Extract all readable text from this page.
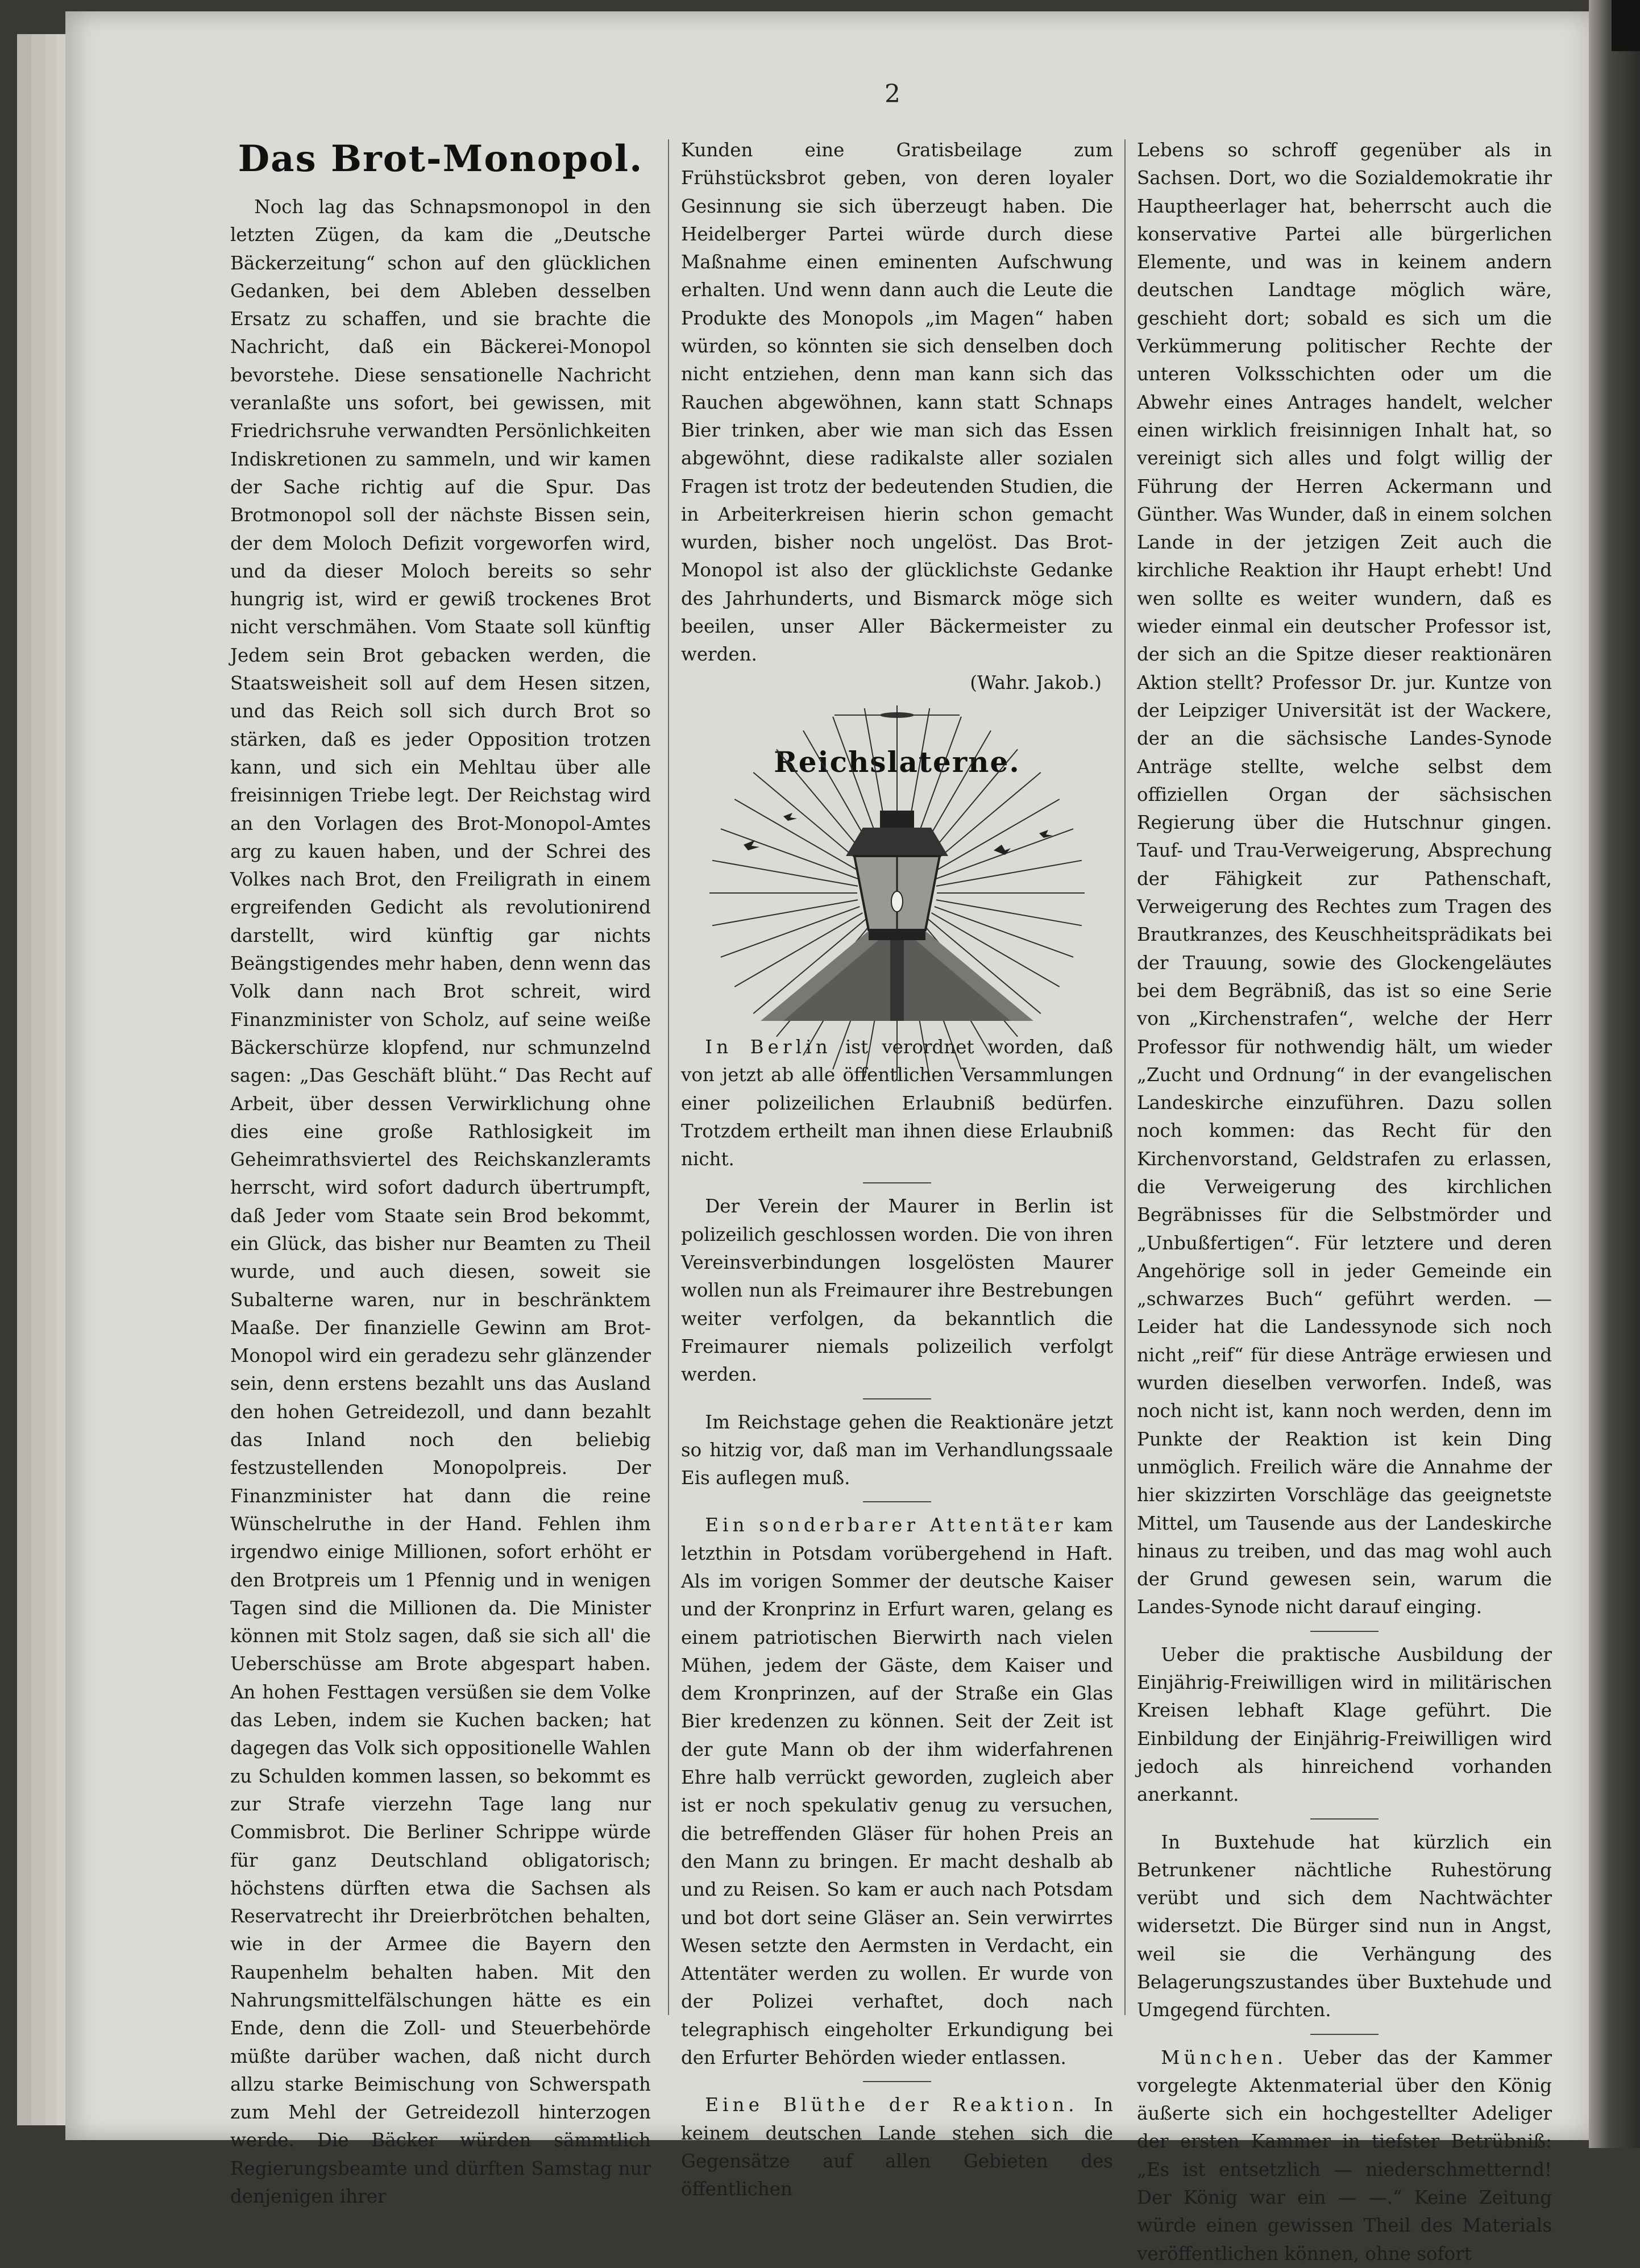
2
Das Brot-Monopol.

Noch lag das Schnapsmonopol in den letzten Zügen, da kam die „Deutsche Bäckerzeitung“ schon auf den glücklichen Gedanken, bei dem Ableben desselben Ersatz zu schaffen, und sie brachte die Nachricht, daß ein Bäckerei-Monopol bevorstehe. Diese sensationelle Nachricht veranlaßte uns sofort, bei gewissen, mit Friedrichsruhe verwandten Persönlichkeiten Indiskretionen zu sammeln, und wir kamen der Sache richtig auf die Spur. Das Brotmonopol soll der nächste Bissen sein, der dem Moloch Defizit vorgeworfen wird, und da dieser Moloch bereits so sehr hungrig ist, wird er gewiß trockenes Brot nicht verschmähen. Vom Staate soll künftig Jedem sein Brot gebacken werden, die Staatsweisheit soll auf dem Hesen sitzen, und das Reich soll sich durch Brot so stärken, daß es jeder Opposition trotzen kann, und sich ein Mehltau über alle freisinnigen Triebe legt. Der Reichstag wird an den Vorlagen des Brot-Monopol-Amtes arg zu kauen haben, und der Schrei des Volkes nach Brot, den Freiligrath in einem ergreifenden Gedicht als revolutionirend darstellt, wird künftig gar nichts Beängstigendes mehr haben, denn wenn das Volk dann nach Brot schreit, wird Finanzminister von Scholz, auf seine weiße Bäckerschürze klopfend, nur schmunzelnd sagen: „Das Geschäft blüht.“ Das Recht auf Arbeit, über dessen Verwirklichung ohne dies eine große Rathlosigkeit im Geheimrathsviertel des Reichskanzleramts herrscht, wird sofort dadurch übertrumpft, daß Jeder vom Staate sein Brod bekommt, ein Glück, das bisher nur Beamten zu Theil wurde, und auch diesen, soweit sie Subalterne waren, nur in beschränktem Maaße. Der finanzielle Gewinn am Brot-Monopol wird ein geradezu sehr glänzender sein, denn erstens bezahlt uns das Ausland den hohen Getreidezoll, und dann bezahlt das Inland noch den beliebig festzustellenden Monopolpreis. Der Finanzminister hat dann die reine Wünschelruthe in der Hand. Fehlen ihm irgendwo einige Millionen, sofort erhöht er den Brotpreis um 1 Pfennig und in wenigen Tagen sind die Millionen da. Die Minister können mit Stolz sagen, daß sie sich all' die Ueberschüsse am Brote abgespart haben. An hohen Festtagen versüßen sie dem Volke das Leben, indem sie Kuchen backen; hat dagegen das Volk sich oppositionelle Wahlen zu Schulden kommen lassen, so bekommt es zur Strafe vierzehn Tage lang nur Commisbrot. Die Berliner Schrippe würde für ganz Deutschland obligatorisch; höchstens dürften etwa die Sachsen als Reservatrecht ihr Dreierbrötchen behalten, wie in der Armee die Bayern den Raupenhelm behalten haben. Mit den Nahrungsmittelfälschungen hätte es ein Ende, denn die Zoll- und Steuerbehörde müßte darüber wachen, daß nicht durch allzu starke Beimischung von Schwerspath zum Mehl der Getreidezoll hinterzogen werde. Die Bäcker würden sämmtlich Regierungsbeamte und dürften Samstag nur denjenigen ihrer

Kunden eine Gratisbeilage zum Frühstücksbrot geben, von deren loyaler Gesinnung sie sich überzeugt haben. Die Heidelberger Partei würde durch diese Maßnahme einen eminenten Aufschwung erhalten. Und wenn dann auch die Leute die Produkte des Monopols „im Magen“ haben würden, so könnten sie sich denselben doch nicht entziehen, denn man kann sich das Rauchen abgewöhnen, kann statt Schnaps Bier trinken, aber wie man sich das Essen abgewöhnt, diese radikalste aller sozialen Fragen ist trotz der bedeutenden Studien, die in Arbeiterkreisen hierin schon gemacht wurden, bisher noch ungelöst. Das Brot-Monopol ist also der glücklichste Gedanke des Jahrhunderts, und Bismarck möge sich beeilen, unser Aller Bäckermeister zu werden.

(Wahr. Jakob.)

Reichslaterne.

In Berlin ist verordnet worden, daß von jetzt ab alle öffentlichen Versammlungen einer polizeilichen Erlaubniß bedürfen. Trotzdem ertheilt man ihnen diese Erlaubniß nicht.

Der Verein der Maurer in Berlin ist polizeilich geschlossen worden. Die von ihren Vereinsverbindungen losgelösten Maurer wollen nun als Freimaurer ihre Bestrebungen weiter verfolgen, da bekanntlich die Freimaurer niemals polizeilich verfolgt werden.

Im Reichstage gehen die Reaktionäre jetzt so hitzig vor, daß man im Verhandlungssaale Eis auflegen muß.

Ein sonderbarer Attentäter kam letzthin in Potsdam vorübergehend in Haft. Als im vorigen Sommer der deutsche Kaiser und der Kronprinz in Erfurt waren, gelang es einem patriotischen Bierwirth nach vielen Mühen, jedem der Gäste, dem Kaiser und dem Kronprinzen, auf der Straße ein Glas Bier kredenzen zu können. Seit der Zeit ist der gute Mann ob der ihm widerfahrenen Ehre halb verrückt geworden, zugleich aber ist er noch spekulativ genug zu versuchen, die betreffenden Gläser für hohen Preis an den Mann zu bringen. Er macht deshalb ab und zu Reisen. So kam er auch nach Potsdam und bot dort seine Gläser an. Sein verwirrtes Wesen setzte den Aermsten in Verdacht, ein Attentäter werden zu wollen. Er wurde von der Polizei verhaftet, doch nach telegraphisch eingeholter Erkundigung bei den Erfurter Behörden wieder entlassen.

Eine Blüthe der Reaktion. In keinem deutschen Lande stehen sich die Gegensätze auf allen Gebieten des öffentlichen

Lebens so schroff gegenüber als in Sachsen. Dort, wo die Sozialdemokratie ihr Hauptheerlager hat, beherrscht auch die konservative Partei alle bürgerlichen Elemente, und was in keinem andern deutschen Landtage möglich wäre, geschieht dort; sobald es sich um die Verkümmerung politischer Rechte der unteren Volksschichten oder um die Abwehr eines Antrages handelt, welcher einen wirklich freisinnigen Inhalt hat, so vereinigt sich alles und folgt willig der Führung der Herren Ackermann und Günther. Was Wunder, daß in einem solchen Lande in der jetzigen Zeit auch die kirchliche Reaktion ihr Haupt erhebt! Und wen sollte es weiter wundern, daß es wieder einmal ein deutscher Professor ist, der sich an die Spitze dieser reaktionären Aktion stellt? Professor Dr. jur. Kuntze von der Leipziger Universität ist der Wackere, der an die sächsische Landes-Synode Anträge stellte, welche selbst dem offiziellen Organ der sächsischen Regierung über die Hutschnur gingen. Tauf- und Trau-Verweigerung, Absprechung der Fähigkeit zur Pathenschaft, Verweigerung des Rechtes zum Tragen des Brautkranzes, des Keuschheitsprädikats bei der Trauung, sowie des Glockengeläutes bei dem Begräbniß, das ist so eine Serie von „Kirchenstrafen“, welche der Herr Professor für nothwendig hält, um wieder „Zucht und Ordnung“ in der evangelischen Landeskirche einzuführen. Dazu sollen noch kommen: das Recht für den Kirchenvorstand, Geldstrafen zu erlassen, die Verweigerung des kirchlichen Begräbnisses für die Selbstmörder und „Unbußfertigen“. Für letztere und deren Angehörige soll in jeder Gemeinde ein „schwarzes Buch“ geführt werden. — Leider hat die Landessynode sich noch nicht „reif“ für diese Anträge erwiesen und wurden dieselben verworfen. Indeß, was noch nicht ist, kann noch werden, denn im Punkte der Reaktion ist kein Ding unmöglich. Freilich wäre die Annahme der hier skizzirten Vorschläge das geeignetste Mittel, um Tausende aus der Landeskirche hinaus zu treiben, und das mag wohl auch der Grund gewesen sein, warum die Landes-Synode nicht darauf einging.

Ueber die praktische Ausbildung der Einjährig-Freiwilligen wird in militärischen Kreisen lebhaft Klage geführt. Die Einbildung der Einjährig-Freiwilligen wird jedoch als hinreichend vorhanden anerkannt.

In Buxtehude hat kürzlich ein Betrunkener nächtliche Ruhestörung verübt und sich dem Nachtwächter widersetzt. Die Bürger sind nun in Angst, weil sie die Verhängung des Belagerungszustandes über Buxtehude und Umgegend fürchten.

München. Ueber das der Kammer vorgelegte Aktenmaterial über den König äußerte sich ein hochgestellter Adeliger der ersten Kammer in tiefster Betrübniß: „Es ist entsetzlich — niederschmetternd! Der König war ein — —.“ Keine Zeitung würde einen gewissen Theil des Materials veröffentlichen können, ohne sofort
